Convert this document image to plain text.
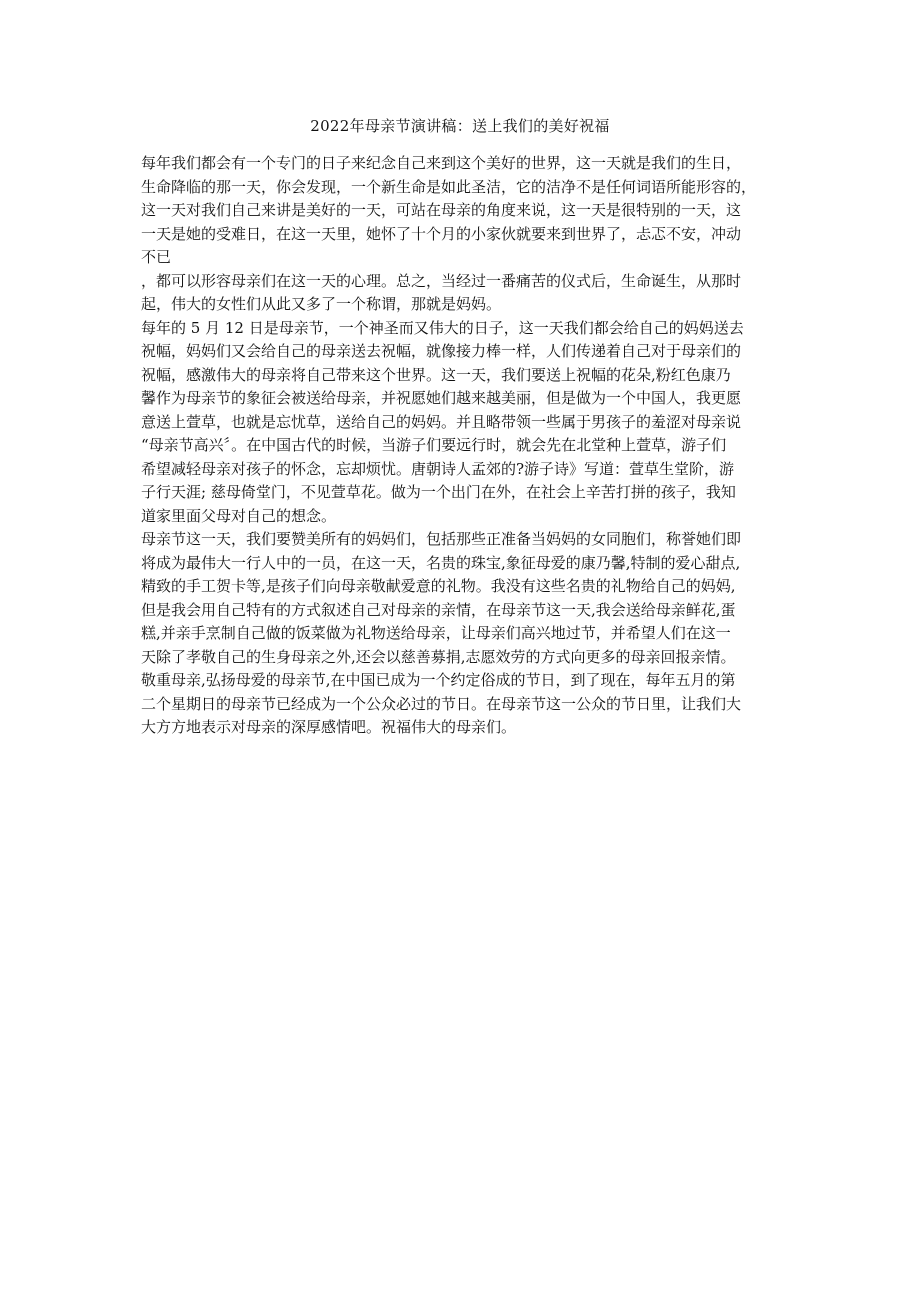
2022年母亲节演讲稿：送上我们的美好祝福
每年我们都会有一个专门的日子来纪念自己来到这个美好的世界，这一天就是我们的生日，
生命降临的那一天，你会发现，一个新生命是如此圣洁，它的洁净不是任何词语所能形容的，
这一天对我们自己来讲是美好的一天，可站在母亲的角度来说，这一天是很特别的一天，这
一天是她的受难日，在这一天里，她怀了十个月的小家伙就要来到世界了，忐忑不安，冲动
不已
，都可以形容母亲们在这一天的心理。总之，当经过一番痛苦的仪式后，生命诞生，从那时
起，伟大的女性们从此又多了一个称谓，那就是妈妈。
每年的 5 月 12 日是母亲节，一个神圣而又伟大的日子，这一天我们都会给自己的妈妈送去
祝幅，妈妈们又会给自己的母亲送去祝幅，就像接力棒一样，人们传递着自己对于母亲们的
祝幅，感激伟大的母亲将自己带来这个世界。这一天，我们要送上祝幅的花朵,粉红色康乃
馨作为母亲节的象征会被送给母亲，并祝愿她们越来越美丽，但是做为一个中国人，我更愿
意送上萱草，也就是忘忧草，送给自己的妈妈。并且略带领一些属于男孩子的羞涩对母亲说
“母亲节高兴〞。在中国古代的时候，当游子们要远行时，就会先在北堂种上萱草，游子们
希望减轻母亲对孩子的怀念，忘却烦忧。唐朝诗人孟郊的?游子诗》写道：萱草生堂阶，游
子行天涯; 慈母倚堂门，不见萱草花。做为一个出门在外，在社会上辛苦打拼的孩子，我知
道家里面父母对自己的想念。
母亲节这一天，我们要赞美所有的妈妈们，包括那些正准备当妈妈的女同胞们，称誉她们即
将成为最伟大一行人中的一员，在这一天，名贵的珠宝,象征母爱的康乃馨,特制的爱心甜点,
精致的手工贺卡等,是孩子们向母亲敬献爱意的礼物。我没有这些名贵的礼物给自己的妈妈,
但是我会用自己特有的方式叙述自己对母亲的亲情，在母亲节这一天,我会送给母亲鲜花,蛋
糕,并亲手烹制自己做的饭菜做为礼物送给母亲，让母亲们高兴地过节，并希望人们在这一
天除了孝敬自己的生身母亲之外,还会以慈善募捐,志愿效劳的方式向更多的母亲回报亲情。
敬重母亲,弘扬母爱的母亲节,在中国已成为一个约定俗成的节日，到了现在，每年五月的第
二个星期日的母亲节已经成为一个公众必过的节日。在母亲节这一公众的节日里，让我们大
大方方地表示对母亲的深厚感情吧。祝福伟大的母亲们。
